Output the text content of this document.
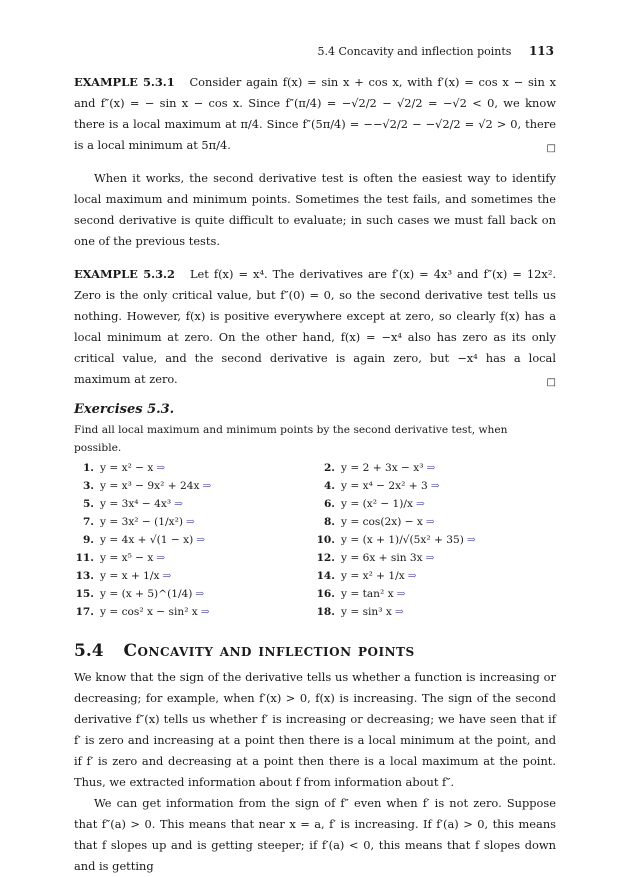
5.4 Concavity and inflection points 113

EXAMPLE 5.3.1 Consider again f(x) = sin x + cos x, with f′(x) = cos x − sin x and f″(x) = − sin x − cos x. Since f″(π/4) = −√2/2 − √2/2 = −√2 < 0, we know there is a local maximum at π/4. Since f″(5π/4) = −−√2/2 − −√2/2 = √2 > 0, there is a local minimum at 5π/4.	□

When it works, the second derivative test is often the easiest way to identify local maximum and minimum points. Sometimes the test fails, and sometimes the second derivative is quite difficult to evaluate; in such cases we must fall back on one of the previous tests.

EXAMPLE 5.3.2 Let f(x) = x⁴. The derivatives are f′(x) = 4x³ and f″(x) = 12x². Zero is the only critical value, but f″(0) = 0, so the second derivative test tells us nothing. However, f(x) is positive everywhere except at zero, so clearly f(x) has a local minimum at zero. On the other hand, f(x) = −x⁴ also has zero as its only critical value, and the second derivative is again zero, but −x⁴ has a local maximum at zero.	□

Exercises 5.3.
Find all local maximum and minimum points by the second derivative test, when possible.
1. y = x² − x ⇒	2. y = 2 + 3x − x³ ⇒
3. y = x³ − 9x² + 24x ⇒	4. y = x⁴ − 2x² + 3 ⇒
5. y = 3x⁴ − 4x³ ⇒	6. y = (x² − 1)/x ⇒
7. y = 3x² − (1/x²) ⇒	8. y = cos(2x) − x ⇒
9. y = 4x + √(1 − x) ⇒	10. y = (x + 1)/√(5x² + 35) ⇒
11. y = x⁵ − x ⇒	12. y = 6x + sin 3x ⇒
13. y = x + 1/x ⇒	14. y = x² + 1/x ⇒
15. y = (x + 5)^(1/4) ⇒	16. y = tan² x ⇒
17. y = cos² x − sin² x ⇒	18. y = sin³ x ⇒
5.4 Concavity and inflection points

We know that the sign of the derivative tells us whether a function is increasing or decreasing; for example, when f′(x) > 0, f(x) is increasing. The sign of the second derivative f″(x) tells us whether f′ is increasing or decreasing; we have seen that if f′ is zero and increasing at a point then there is a local minimum at the point, and if f′ is zero and decreasing at a point then there is a local maximum at the point. Thus, we extracted information about f from information about f″.

We can get information from the sign of f″ even when f′ is not zero. Suppose that f″(a) > 0. This means that near x = a, f′ is increasing. If f′(a) > 0, this means that f slopes up and is getting steeper; if f′(a) < 0, this means that f slopes down and is getting
